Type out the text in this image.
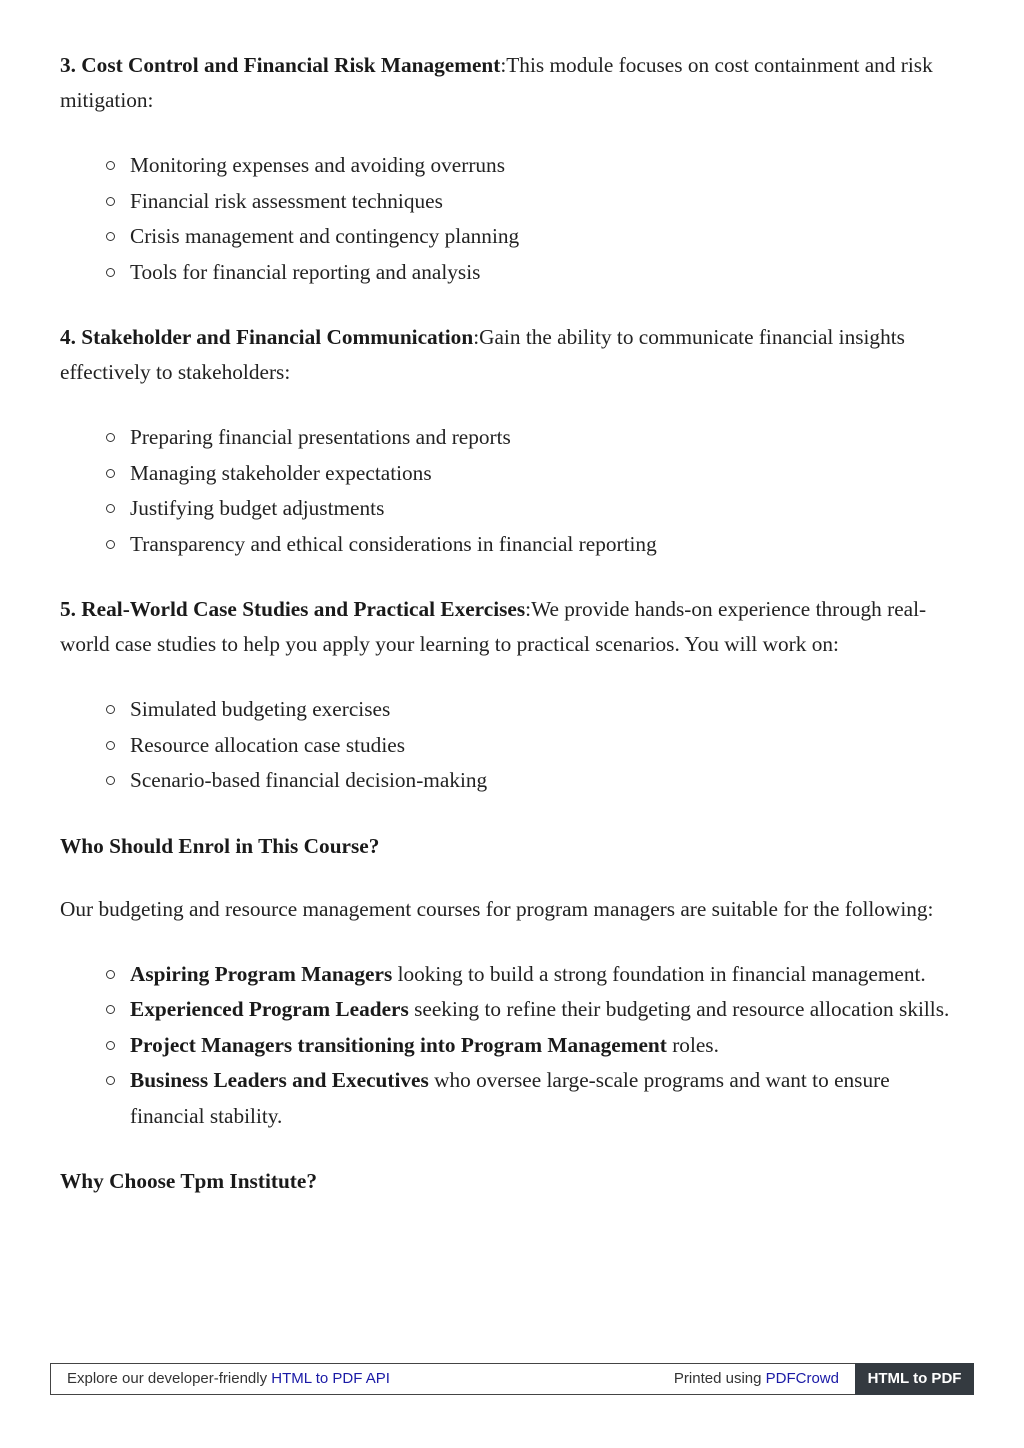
3. Cost Control and Financial Risk Management:This module focuses on cost containment and risk mitigation:

Monitoring expenses and avoiding overruns
Financial risk assessment techniques
Crisis management and contingency planning
Tools for financial reporting and analysis

4. Stakeholder and Financial Communication:Gain the ability to communicate financial insights effectively to stakeholders:

Preparing financial presentations and reports
Managing stakeholder expectations
Justifying budget adjustments
Transparency and ethical considerations in financial reporting

5. Real-World Case Studies and Practical Exercises:We provide hands-on experience through real-world case studies to help you apply your learning to practical scenarios. You will work on:

Simulated budgeting exercises
Resource allocation case studies
Scenario-based financial decision-making

Who Should Enrol in This Course?

Our budgeting and resource management courses for program managers are suitable for the following:

Aspiring Program Managers looking to build a strong foundation in financial management.
Experienced Program Leaders seeking to refine their budgeting and resource allocation skills.
Project Managers transitioning into Program Management roles.
Business Leaders and Executives who oversee large-scale programs and want to ensure financial stability.

Why Choose Tpm Institute?

Explore our developer-friendly HTML to PDF API	Printed using PDFCrowd	HTML to PDF
